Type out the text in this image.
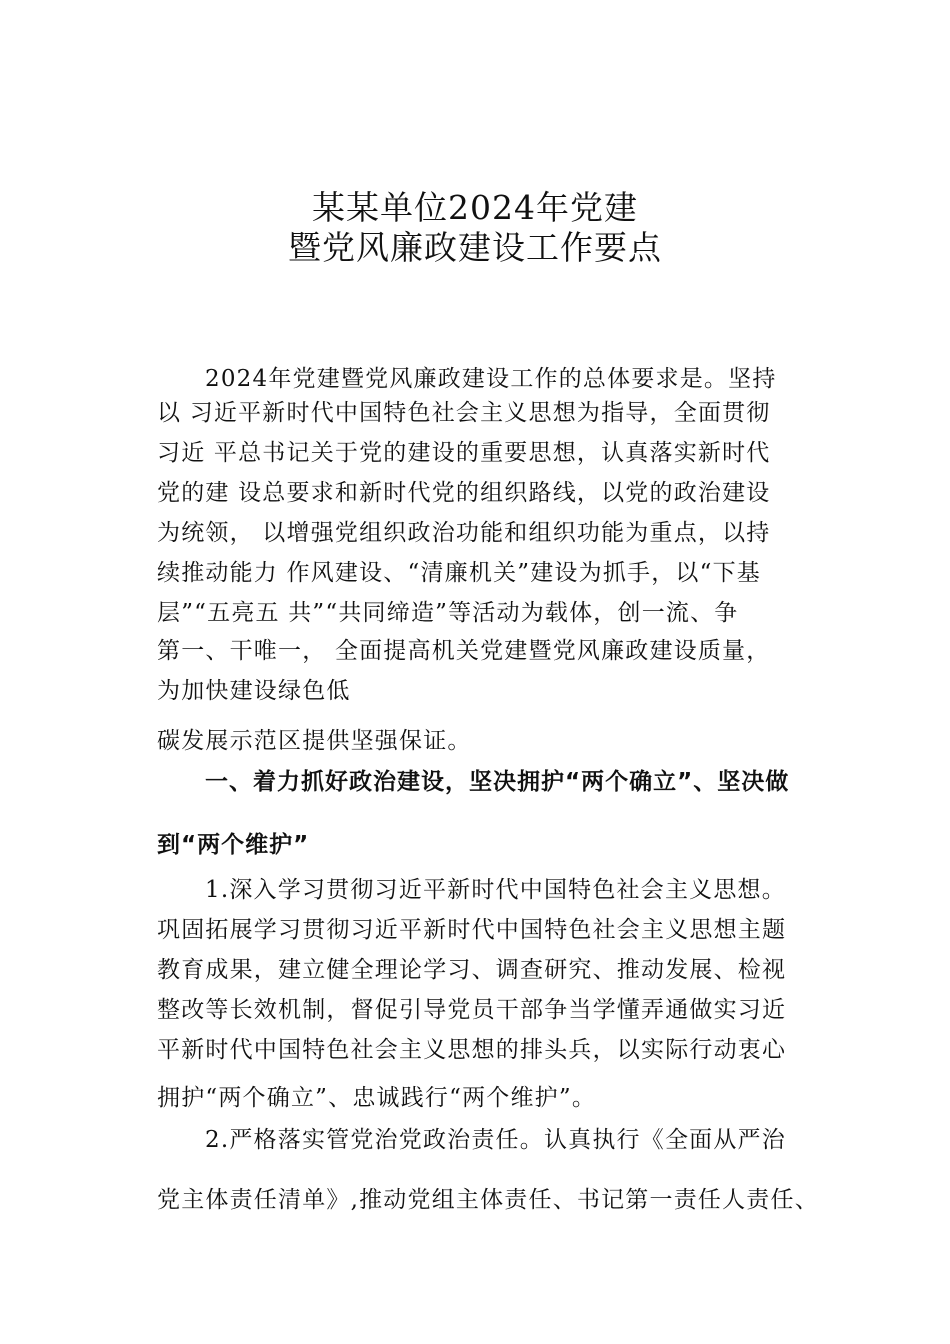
某某单位2024年党建
暨党风廉政建设工作要点
2024年党建暨党风廉政建设工作的总体要求是。坚持
以 习近平新时代中国特色社会主义思想为指导，全面贯彻
习近 平总书记关于党的建设的重要思想，认真落实新时代
党的建 设总要求和新时代党的组织路线，以党的政治建设
为统领， 以增强党组织政治功能和组织功能为重点，以持
续推动能力 作风建设、“清廉机关”建设为抓手，以“下基
层”“五亮五 共”“共同缔造”等活动为载体，创一流、争
第一、干唯一， 全面提高机关党建暨党风廉政建设质量，
为加快建设绿色低
碳发展示范区提供坚强保证。
一、着力抓好政治建设，坚决拥护“两个确立”、坚决做
到“两个维护”
1.深入学习贯彻习近平新时代中国特色社会主义思想。
巩固拓展学习贯彻习近平新时代中国特色社会主义思想主题
教育成果，建立健全理论学习、调查研究、推动发展、检视
整改等长效机制，督促引导党员干部争当学懂弄通做实习近
平新时代中国特色社会主义思想的排头兵，以实际行动衷心
拥护“两个确立”、忠诚践行“两个维护”。
2.严格落实管党治党政治责任。认真执行《全面从严治
党主体责任清单》,推动党组主体责任、书记第一责任人责任、
